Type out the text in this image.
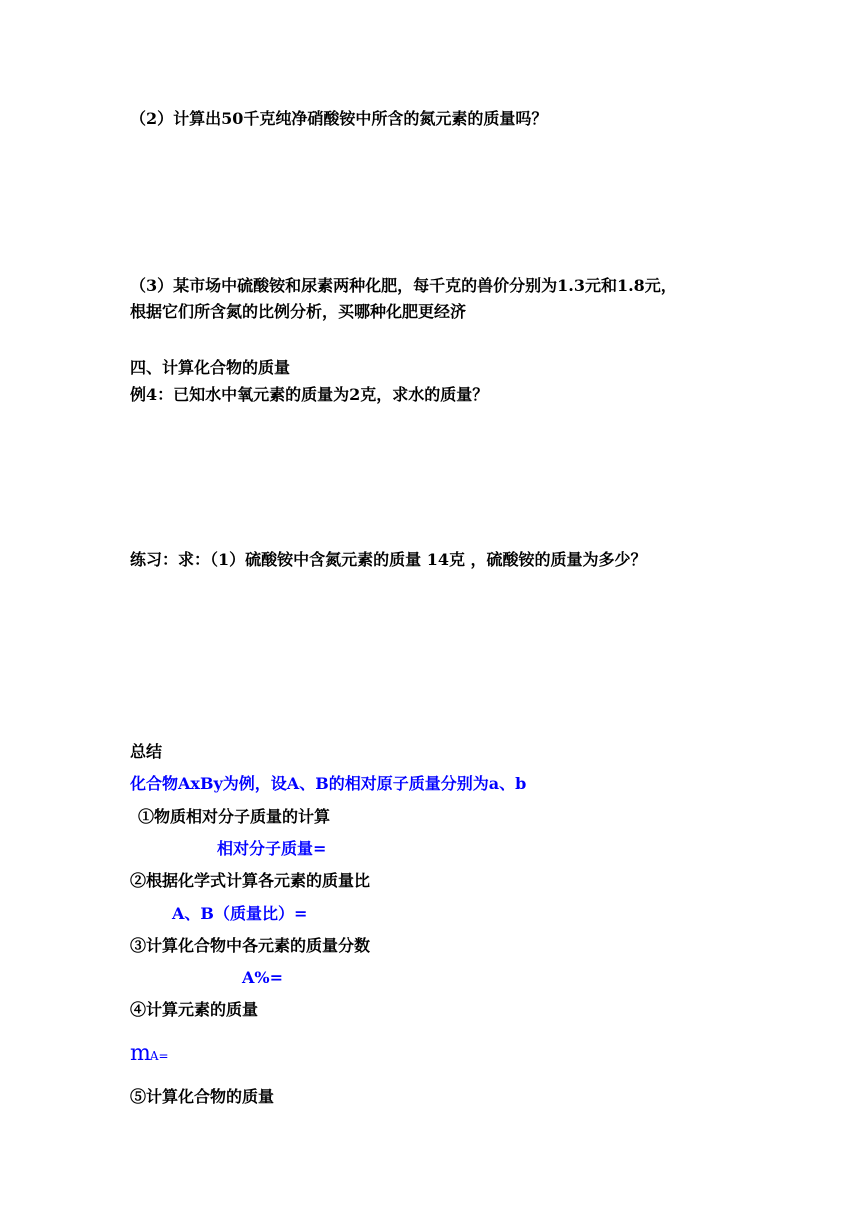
（2）计算出50千克纯净硝酸铵中所含的氮元素的质量吗？
（3）某市场中硫酸铵和尿素两种化肥，每千克的兽价分别为1.3元和1.8元，
根据它们所含氮的比例分析，买哪种化肥更经济
四、计算化合物的质量
例4：已知水中氧元素的质量为2克，求水的质量？
练习：求：（1）硫酸铵中含氮元素的质量 14克 ，硫酸铵的质量为多少？
总结
化合物AxBy为例，设A、B的相对原子质量分别为a、b
①物质相对分子质量的计算
相对分子质量=
②根据化学式计算各元素的质量比
A、B（质量比）=
③计算化合物中各元素的质量分数
A%=
④计算元素的质量
mA=
⑤计算化合物的质量
